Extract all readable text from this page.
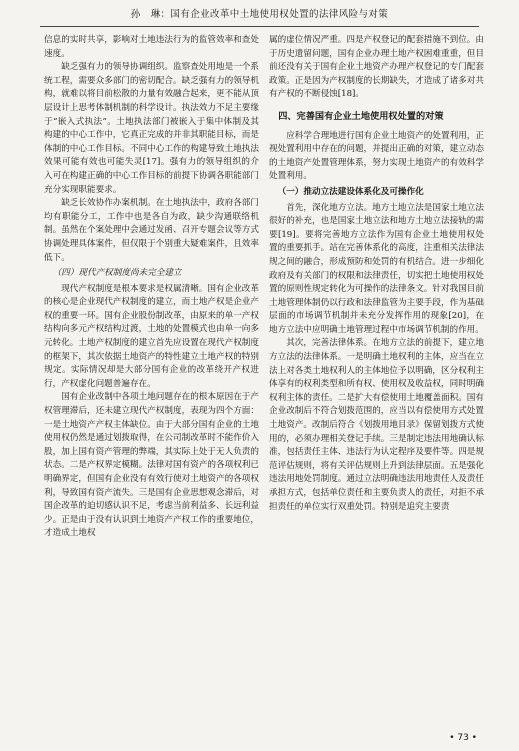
孙　琳：国有企业改革中土地使用权处置的法律风险与对策

信息的实时共享，影响对土地违法行为的监管效率和查处速度。

缺乏强有力的领导协调组织。监察查处用地是一个系统工程，需要众多部门的密切配合。缺乏强有力的领导机构，就难以将目前松散的力量有效融合起来，更不能从顶层设计上思考体制机制的科学设计。执法效力不足主要缘于“嵌入式执法”。土地执法部门被嵌入于集中体制及其构建的中心工作中，它真正完成的并非其职能目标，而是体制的中心工作目标。不同中心工作的构建导致土地执法效果可能有效也可能失灵[17]。强有力的领导组织的介入可在构建正确的中心工作目标的前提下协调各职能部门充分实现职能要求。

缺乏长效协作办案机制。在土地执法中，政府各部门均有职能分工，工作中也是各自为政，缺少沟通联络机制。虽然在个案处理中会通过发函、召开专题会议等方式协调处理具体案件，但仅限于个别重大疑难案件，且效率低下。

（四）现代产权制度尚未完全建立

现代产权制度是根本要求是权属清晰。国有企业改革的核心是企业现代产权制度的建立，而土地产权是企业产权的重要一环。国有企业股份制改革，由原来的单一产权结构向多元产权结构过渡，土地的处置模式也由单一向多元转化。土地产权制度的建立首先应设置在现代产权制度的框架下，其次依据土地资产的特性建立土地产权的特别规定。实际情况却是大部分国有企业的改革绕开产权进行，产权虚化问题普遍存在。

国有企业改制中各项土地问题存在的根本原因在于产权管理滞后，还未建立现代产权制度，表现为四个方面：一是土地资产产权主体缺位。由于大部分国有企业的土地使用权仍然是通过划拨取得，在公司制改革时不能作价入股，加上国有资产管理的弊端，其实际上处于无人负责的状态。二是产权界定模糊。法律对国有资产的各项权利已明确界定，但国有企业没有有效行使对土地资产的各项权利，导致国有资产流失。三是国有企业思想观念滞后，对国企改革的迫切感认识不足，考虑当前利益多、长远利益少。正是由于没有认识到土地资产产权工作的重要地位，才造成土地权

属的虚位情况严重。四是产权登记的配套措施不到位。由于历史遗留问题，国有企业办理土地产权困难重重，但目前还没有关于国有企业土地资产办理产权登记的专门配套政策。正是因为产权制度的长期缺失，才造成了诸多对共有产权的不断侵蚀[18]。

四、完善国有企业土地使用权处置的对策

应科学合理地进行国有企业土地资产的处置利用，正视处置利用中存在的问题，并提出正确的对策，建立动态的土地资产处置管理体系，努力实现土地资产的有效科学处置利用。

（一）推动立法建设体系化及可操作化

首先，深化地方立法。地方土地立法是国家土地立法很好的补充，也是国家土地立法和地方土地立法接轨的需要[19]。要将完善地方立法作为国有企业土地使用权处置的重要抓手。站在完善体系化的高度，注重相关法律法规之间的融合，形成预防和处罚的有机结合。进一步细化政府及有关部门的权限和法律责任，切实把土地使用权处置的原则性规定转化为可操作的法律条文。针对我国目前土地管理体制仍以行政和法律监管为主要手段，作为基础层面的市场调节机制并未充分发挥作用的现象[20]，在地方立法中应明确土地管理过程中市场调节机制的作用。

其次，完善法律体系。在地方立法的前提下，建立地方立法的法律体系。一是明确土地权利的主体，应当在立法上对各类土地权利人的主体地位予以明确，区分权利主体享有的权利类型和所有权、使用权及收益权，同时明确权利主体的责任。二是扩大有偿使用土地覆盖面积。国有企业改制后不符合划拨范围的，应当以有偿使用方式处置土地资产。改制后符合《划拨用地目录》保留划拨方式使用的，必须办理相关登记手续。三是制定违法用地确认标准，包括责任主体、违法行为认定程序及要件等。四是规范评估规则，将有关评估规则上升到法律层面。五是强化违法用地处罚制度。通过立法明确违法用地责任人及责任承担方式，包括单位责任和主要负责人的责任，对拒不承担责任的单位实行双重处罚。特别是追究主要责

• 73 •
